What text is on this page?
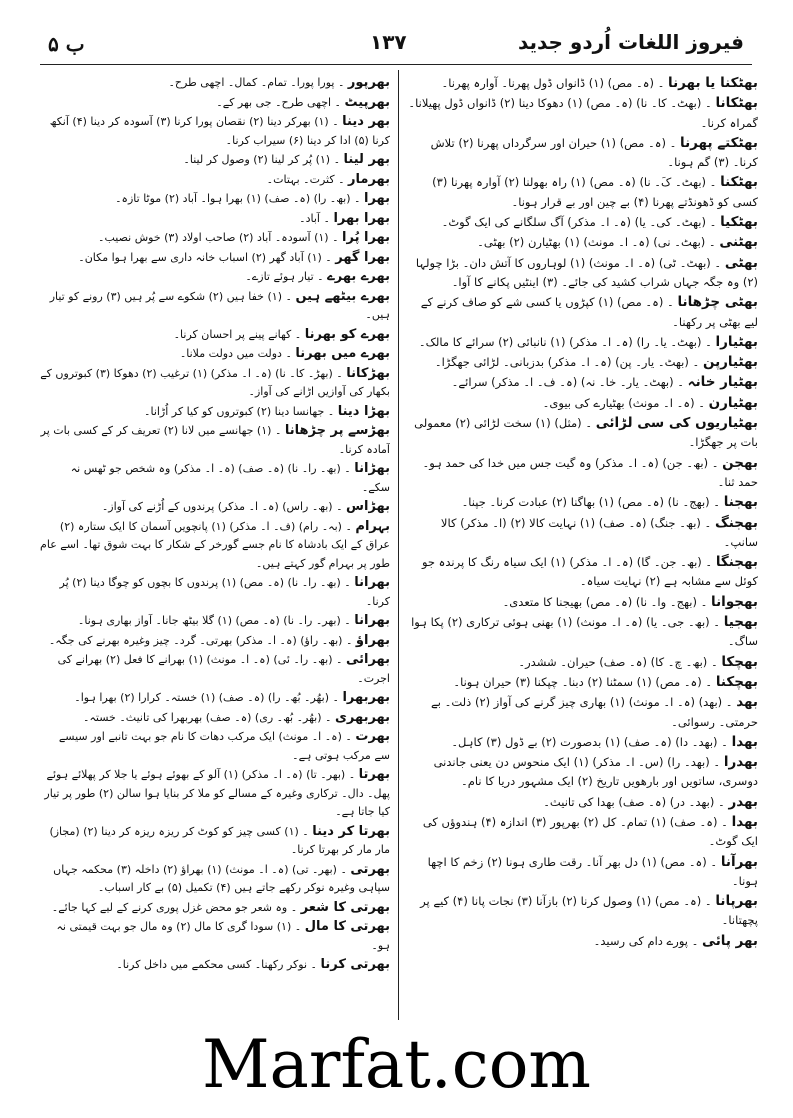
ب ۵	۱۳۷	فیروز اللغات اُردو جدید

بھٹکنا یا بھرنا ۔ (ہ۔ مص) (۱) ڈانواں ڈول پھرنا۔ آوارہ پھرنا۔

بھٹکانا ۔ (بھٹ۔ کا۔ نا) (ہ۔ مص) (۱) دھوکا دینا (۲) ڈانواں ڈول پھیلانا۔ گمراہ کرنا۔

بھٹکتے پھرنا ۔ (ہ۔ مص) (۱) حیران اور سرگرداں پھرنا (۲) تلاش کرنا۔ (۳) گم ہونا۔

بھٹکنا ۔ (بھٹ۔ کَ۔ نا) (ہ۔ مص) (۱) راہ بھولنا (۲) آوارہ پھرنا (۳) کسی کو ڈھونڈتے پھرنا (۴) بے چین اور بے قرار ہونا۔

بھٹکیا ۔ (بھٹ۔ کی۔ یا) (ہ۔ ا۔ مذکر) آگ سلگانے کی ایک گوٹ۔

بھٹنی ۔ (بھٹ۔ نی) (ہ۔ ا۔ مونث) (۱) بھٹیارن (۲) بھٹی۔

بھٹی ۔ (بھٹ۔ ٹی) (ہ۔ ا۔ مونث) (۱) لوہاروں کا آتش دان۔ بڑا چولہا (۲) وہ جگہ جہاں شراب کشید کی جائے۔ (۳) اینٹیں پکانے کا آوا۔

بھٹی چڑھانا ۔ (ہ۔ مص) (۱) کپڑوں یا کسی شے کو صاف کرنے کے لیے بھٹی پر رکھنا۔

بھٹیارا ۔ (بھٹ۔ یا۔ را) (ہ۔ ا۔ مذکر) (۱) نانبائی (۲) سرائے کا مالک۔

بھٹیارپن ۔ (بھٹ۔ یار۔ پن) (ہ۔ ا۔ مذکر) بدزبانی۔ لڑائی جھگڑا۔

بھٹیار خانہ ۔ (بھٹ۔ یار۔ خا۔ نہ) (ہ۔ ف۔ ا۔ مذکر) سرائے۔

بھٹیارن ۔ (ہ۔ ا۔ مونث) بھٹیارے کی بیوی۔

بھٹیاریوں کی سی لڑائی ۔ (مثل) (۱) سخت لڑائی (۲) معمولی بات پر جھگڑا۔

بھجن ۔ (بھ۔ جن) (ہ۔ ا۔ مذکر) وہ گیت جس میں خدا کی حمد ہو۔ حمد ثنا۔

بھجنا ۔ (بھج۔ نا) (ہ۔ مص) (۱) بھاگنا (۲) عبادت کرنا۔ جپنا۔

بھجنگ ۔ (بھ۔ جنگ) (ہ۔ صف) (۱) نہایت کالا (۲) (ا۔ مذکر) کالا سانپ۔

بھجنگا ۔ (بھ۔ جن۔ گا) (ہ۔ ا۔ مذکر) (۱) ایک سیاہ رنگ کا پرندہ جو کوئل سے مشابہ ہے (۲) نہایت سیاہ۔

بھجوانا ۔ (بھج۔ وا۔ نا) (ہ۔ مص) بھیجنا کا متعدی۔

بھجیا ۔ (بھ۔ جی۔ یا) (ہ۔ ا۔ مونث) (۱) بھنی ہوئی ترکاری (۲) پکا ہوا ساگ۔

بھچکا ۔ (بھ۔ چ۔ کا) (ہ۔ صف) حیران۔ ششدر۔

بھچکنا ۔ (ہ۔ مص) (۱) سمٹنا (۲) دبنا۔ چپکنا (۳) حیران ہونا۔

بھد ۔ (بھد) (ہ۔ ا۔ مونث) (۱) بھاری چیز گرنے کی آواز (۲) ذلت۔ بے حرمتی۔ رسوائی۔

بھدا ۔ (بھد۔ دا) (ہ۔ صف) (۱) بدصورت (۲) بے ڈول (۳) کاہل۔

بھدرا ۔ (بھد۔ را) (س۔ ا۔ مذکر) (۱) ایک منحوس دن یعنی جاندنی دوسری، ساتویں اور بارھویں تاریخ (۲) ایک مشہور دریا کا نام۔

بھدر ۔ (بھد۔ در) (ہ۔ صف) بھدا کی تانیث۔

بھدا ۔ (ہ۔ صف) (۱) تمام۔ کل (۲) بھرپور (۳) اندازہ (۴) ہندوؤں کی ایک گوٹ۔

بھرآنا ۔ (ہ۔ مص) (۱) دل بھر آنا۔ رقت طاری ہونا (۲) زخم کا اچھا ہونا۔

بھرپانا ۔ (ہ۔ مص) (۱) وصول کرنا (۲) بازآنا (۳) نجات پانا (۴) کیے پر پچھتانا۔

بھر پائی ۔ پورے دام کی رسید۔

بھرپور ۔ پورا پورا۔ تمام۔ کمال۔ اچھی طرح۔

بھرپیٹ ۔ اچھی طرح۔ جی بھر کے۔

بھر دینا ۔ (۱) بھرکر دینا (۲) نقصان پورا کرنا (۳) آسودہ کر دینا (۴) آنکھ کرنا (۵) ادا کر دینا (۶) سیراب کرنا۔

بھر لینا ۔ (۱) پُر کر لینا (۲) وصول کر لینا۔

بھرمار ۔ کثرت۔ بہتات۔

بھرا ۔ (بھ۔ را) (ہ۔ صف) (۱) بھرا ہوا۔ آباد (۲) موٹا تازہ۔

بھرا بھرا ۔ آباد۔

بھرا پُرا ۔ (۱) آسودہ۔ آباد (۲) صاحب اولاد (۳) خوش نصیب۔

بھرا گھر ۔ (۱) آباد گھر (۲) اسباب خانہ داری سے بھرا ہوا مکان۔

بھرے بھرے ۔ تیار ہوئے تازے۔

بھرے بیٹھے ہیں ۔ (۱) خفا ہیں (۲) شکوے سے پُر ہیں (۳) رونے کو تیار ہیں۔

بھرے کو بھرنا ۔ کھانے پینے پر احسان کرنا۔

بھرے میں بھرنا ۔ دولت میں دولت ملانا۔

بھڑکانا ۔ (بھڑ۔ کا۔ نا) (ہ۔ ا۔ مذکر) (۱) ترغیب (۲) دھوکا (۳) کبوتروں کے بکھار کی آوازیں اڑانے کی آواز۔

بھڑا دینا ۔ جھانسا دینا (۲) کبوتروں کو کیا کر اُڑانا۔

بھڑسے پر چڑھانا ۔ (۱) جھانسے میں لانا (۲) تعریف کر کے کسی بات پر آمادہ کرنا۔

بھڑانا ۔ (بھ۔ را۔ نا) (ہ۔ صف) (ہ۔ ا۔ مذکر) وہ شخص جو ٹھس نہ سکے۔

بھڑاس ۔ (بھ۔ راس) (ہ۔ ا۔ مذکر) پرندوں کے اُڑنے کی آواز۔

بہرام ۔ (بہ۔ رام) (ف۔ ا۔ مذکر) (۱) پانچویں آسمان کا ایک ستارہ (۲) عراق کے ایک بادشاہ کا نام جسے گورخر کے شکار کا بہت شوق تھا۔ اسے عام طور پر بہرام گور کہتے ہیں۔

بھرانا ۔ (بھ۔ را۔ نا) (ہ۔ مص) (۱) پرندوں کا بچوں کو چوگا دینا (۲) پُر کرنا۔

بھرانا ۔ (بھر۔ را۔ نا) (ہ۔ مص) (۱) گلا بیٹھ جانا۔ آواز بھاری ہونا۔

بھراؤ ۔ (بھ۔ راؤ) (ہ۔ ا۔ مذکر) بھرتی۔ گرد۔ چیز وغیرہ بھرنے کی جگہ۔

بھرائی ۔ (بھ۔ را۔ ئی) (ہ۔ ا۔ مونث) (۱) بھرانے کا فعل (۲) بھرانے کی اجرت۔

بھربھرا ۔ (بھُر۔ بُھ۔ را) (ہ۔ صف) (۱) خستہ۔ کرارا (۲) بھرا ہوا۔

بھربھری ۔ (بھُر۔ بُھ۔ ری) (ہ۔ صف) بھربھرا کی تانیث۔ خستہ۔

بھرت ۔ (ہ۔ ا۔ مونث) ایک مرکب دھات کا نام جو بہت تانبے اور سیسے سے مرکب ہوتی ہے۔

بھرتا ۔ (بھر۔ تا) (ہ۔ ا۔ مذکر) (۱) آلو کے بھوئے ہوئے یا جلا کر پھلائے ہوئے پھل۔ دال۔ ترکاری وغیرہ کے مسالے کو ملا کر بنایا ہوا سالن (۲) طور پر تیار کیا جاتا ہے۔

بھرتا کر دینا ۔ (۱) کسی چیز کو کوٹ کر ریزہ ریزہ کر دینا (۲) (مجاز) مار مار کر بھرتا کرنا۔

بھرتی ۔ (بھر۔ تی) (ہ۔ ا۔ مونث) (۱) بھراؤ (۲) داخلہ (۳) محکمہ جہاں سپاہی وغیرہ نوکر رکھے جاتے ہیں (۴) تکمیل (۵) بے کار اسباب۔

بھرتی کا شعر ۔ وہ شعر جو محض غزل پوری کرنے کے لیے کہا جائے۔

بھرتی کا مال ۔ (۱) سودا گری کا مال (۲) وہ مال جو بہت قیمتی نہ ہو۔

بھرتی کرنا ۔ نوکر رکھنا۔ کسی محکمے میں داخل کرنا۔

Marfat.com
